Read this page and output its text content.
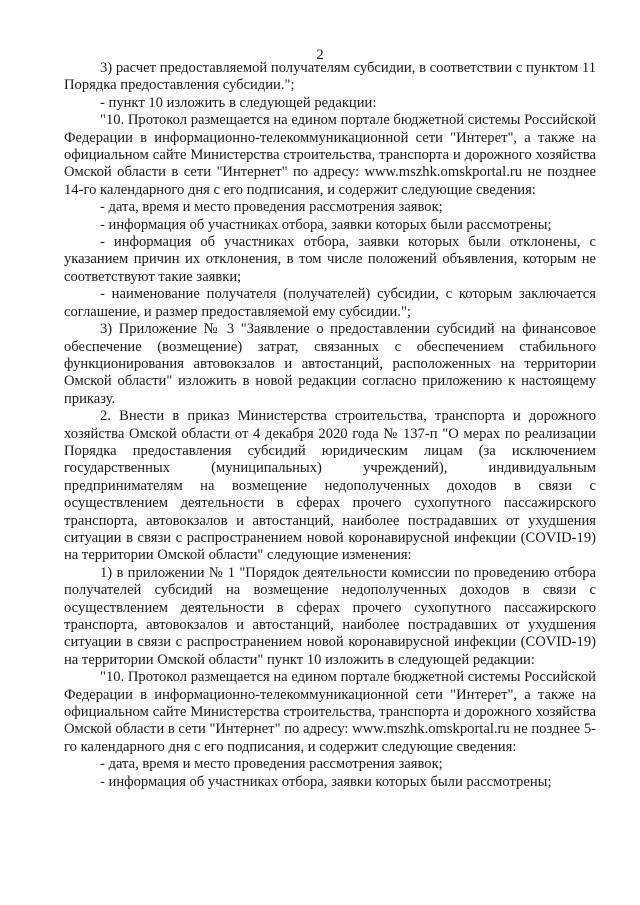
2

3) расчет предоставляемой получателям субсидии, в соответствии с пунктом 11 Порядка предоставления субсидии.";

- пункт 10 изложить в следующей редакции:

"10. Протокол размещается на едином портале бюджетной системы Российской Федерации в информационно-телекоммуникационной сети "Интерет", а также на официальном сайте Министерства строительства, транспорта и дорожного хозяйства Омской области в сети "Интернет" по адресу: www.mszhk.omskportal.ru не позднее 14-го календарного дня с его подписания, и содержит следующие сведения:

- дата, время и место проведения рассмотрения заявок;

- информация об участниках отбора, заявки которых были рассмотрены;

- информация об участниках отбора, заявки которых были отклонены, с указанием причин их отклонения, в том числе положений объявления, которым не соответствуют такие заявки;

- наименование получателя (получателей) субсидии, с которым заключается соглашение, и размер предоставляемой ему субсидии.";

3) Приложение № 3 "Заявление о предоставлении субсидий на финансовое обеспечение (возмещение) затрат, связанных с обеспечением стабильного функционирования автовокзалов и автостанций, расположенных на территории Омской области" изложить в новой редакции согласно приложению к настоящему приказу.

2. Внести в приказ Министерства строительства, транспорта и дорожного хозяйства Омской области от 4 декабря 2020 года № 137-п "О мерах по реализации Порядка предоставления субсидий юридическим лицам (за исключением государственных (муниципальных) учреждений), индивидуальным предпринимателям на возмещение недополученных доходов в связи с осуществлением деятельности в сферах прочего сухопутного пассажирского транспорта, автовокзалов и автостанций, наиболее пострадавших от ухудшения ситуации в связи с распространением новой коронавирусной инфекции (COVID-19) на территории Омской области" следующие изменения:

1) в приложении № 1 "Порядок деятельности комиссии по проведению отбора получателей субсидий на возмещение недополученных доходов в связи с осуществлением деятельности в сферах прочего сухопутного пассажирского транспорта, автовокзалов и автостанций, наиболее пострадавших от ухудшения ситуации в связи с распространением новой коронавирусной инфекции (COVID-19) на территории Омской области" пункт 10 изложить в следующей редакции:

"10. Протокол размещается на едином портале бюджетной системы Российской Федерации в информационно-телекоммуникационной сети "Интерет", а также на официальном сайте Министерства строительства, транспорта и дорожного хозяйства Омской области в сети "Интернет" по адресу: www.mszhk.omskportal.ru не позднее 5-го календарного дня с его подписания, и содержит следующие сведения:

- дата, время и место проведения рассмотрения заявок;

- информация об участниках отбора, заявки которых были рассмотрены;
